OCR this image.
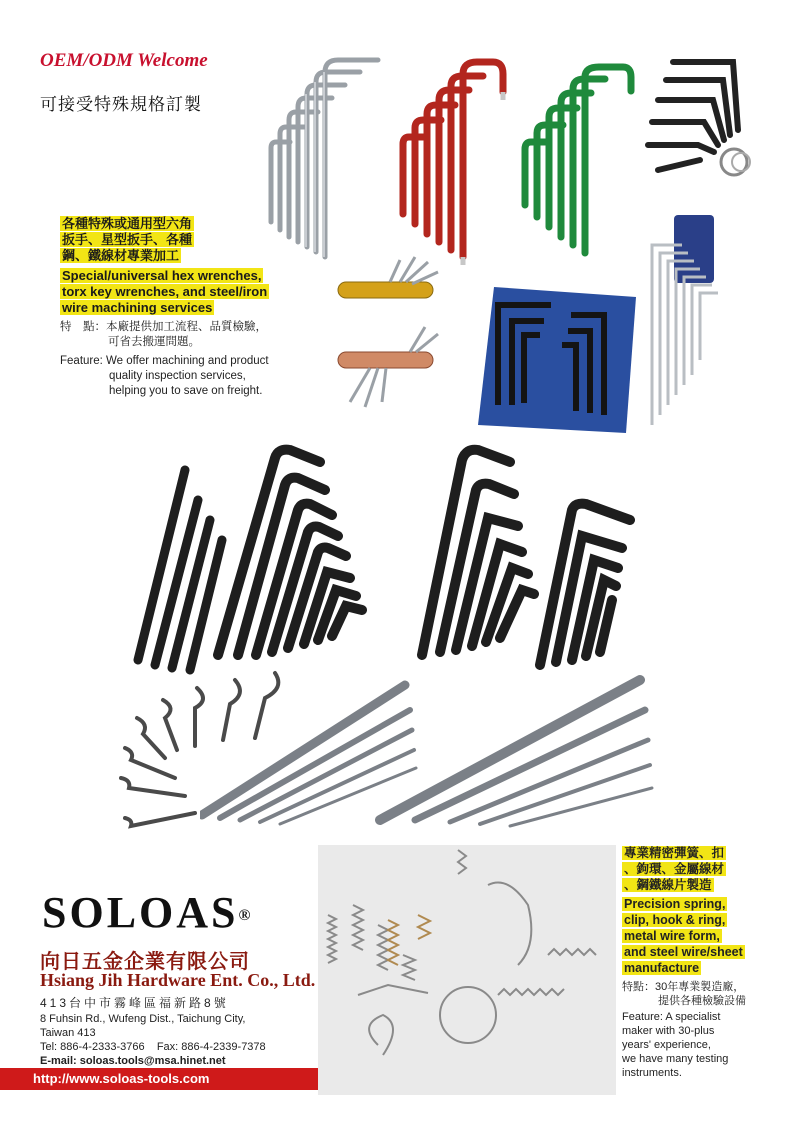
OEM/ODM Welcome
可接受特殊規格訂製
各種特殊或通用型六角
扳手、星型扳手、各種
鋼、鐵線材專業加工
Special/universal hex wrenches,
torx key wrenches, and steel/iron
wire machining services
特　點：本廠提供加工流程、品質檢驗，
可省去搬運問題。
Feature: We offer machining and product
quality inspection services,
helping you to save on freight.
SOLOAS®
向日五金企業有限公司
Hsiang Jih Hardware Ent. Co., Ltd.
413台中市霧峰區福新路8號
8 Fuhsin Rd., Wufeng Dist., Taichung City,
Taiwan 413
Tel: 886-4-2333-3766 Fax: 886-4-2339-7378
E-mail: soloas.tools@msa.hinet.net
http://www.soloas-tools.com
專業精密彈簧、扣
、鉤環、金屬線材
、鋼鐵線片製造
Precision spring,
clip, hook & ring,
metal wire form,
and steel wire/sheet
manufacture
特點：30年專業製造廠，
提供各種檢驗設備
Feature: A specialist
maker with 30-plus
years' experience,
we have many testing
instruments.
